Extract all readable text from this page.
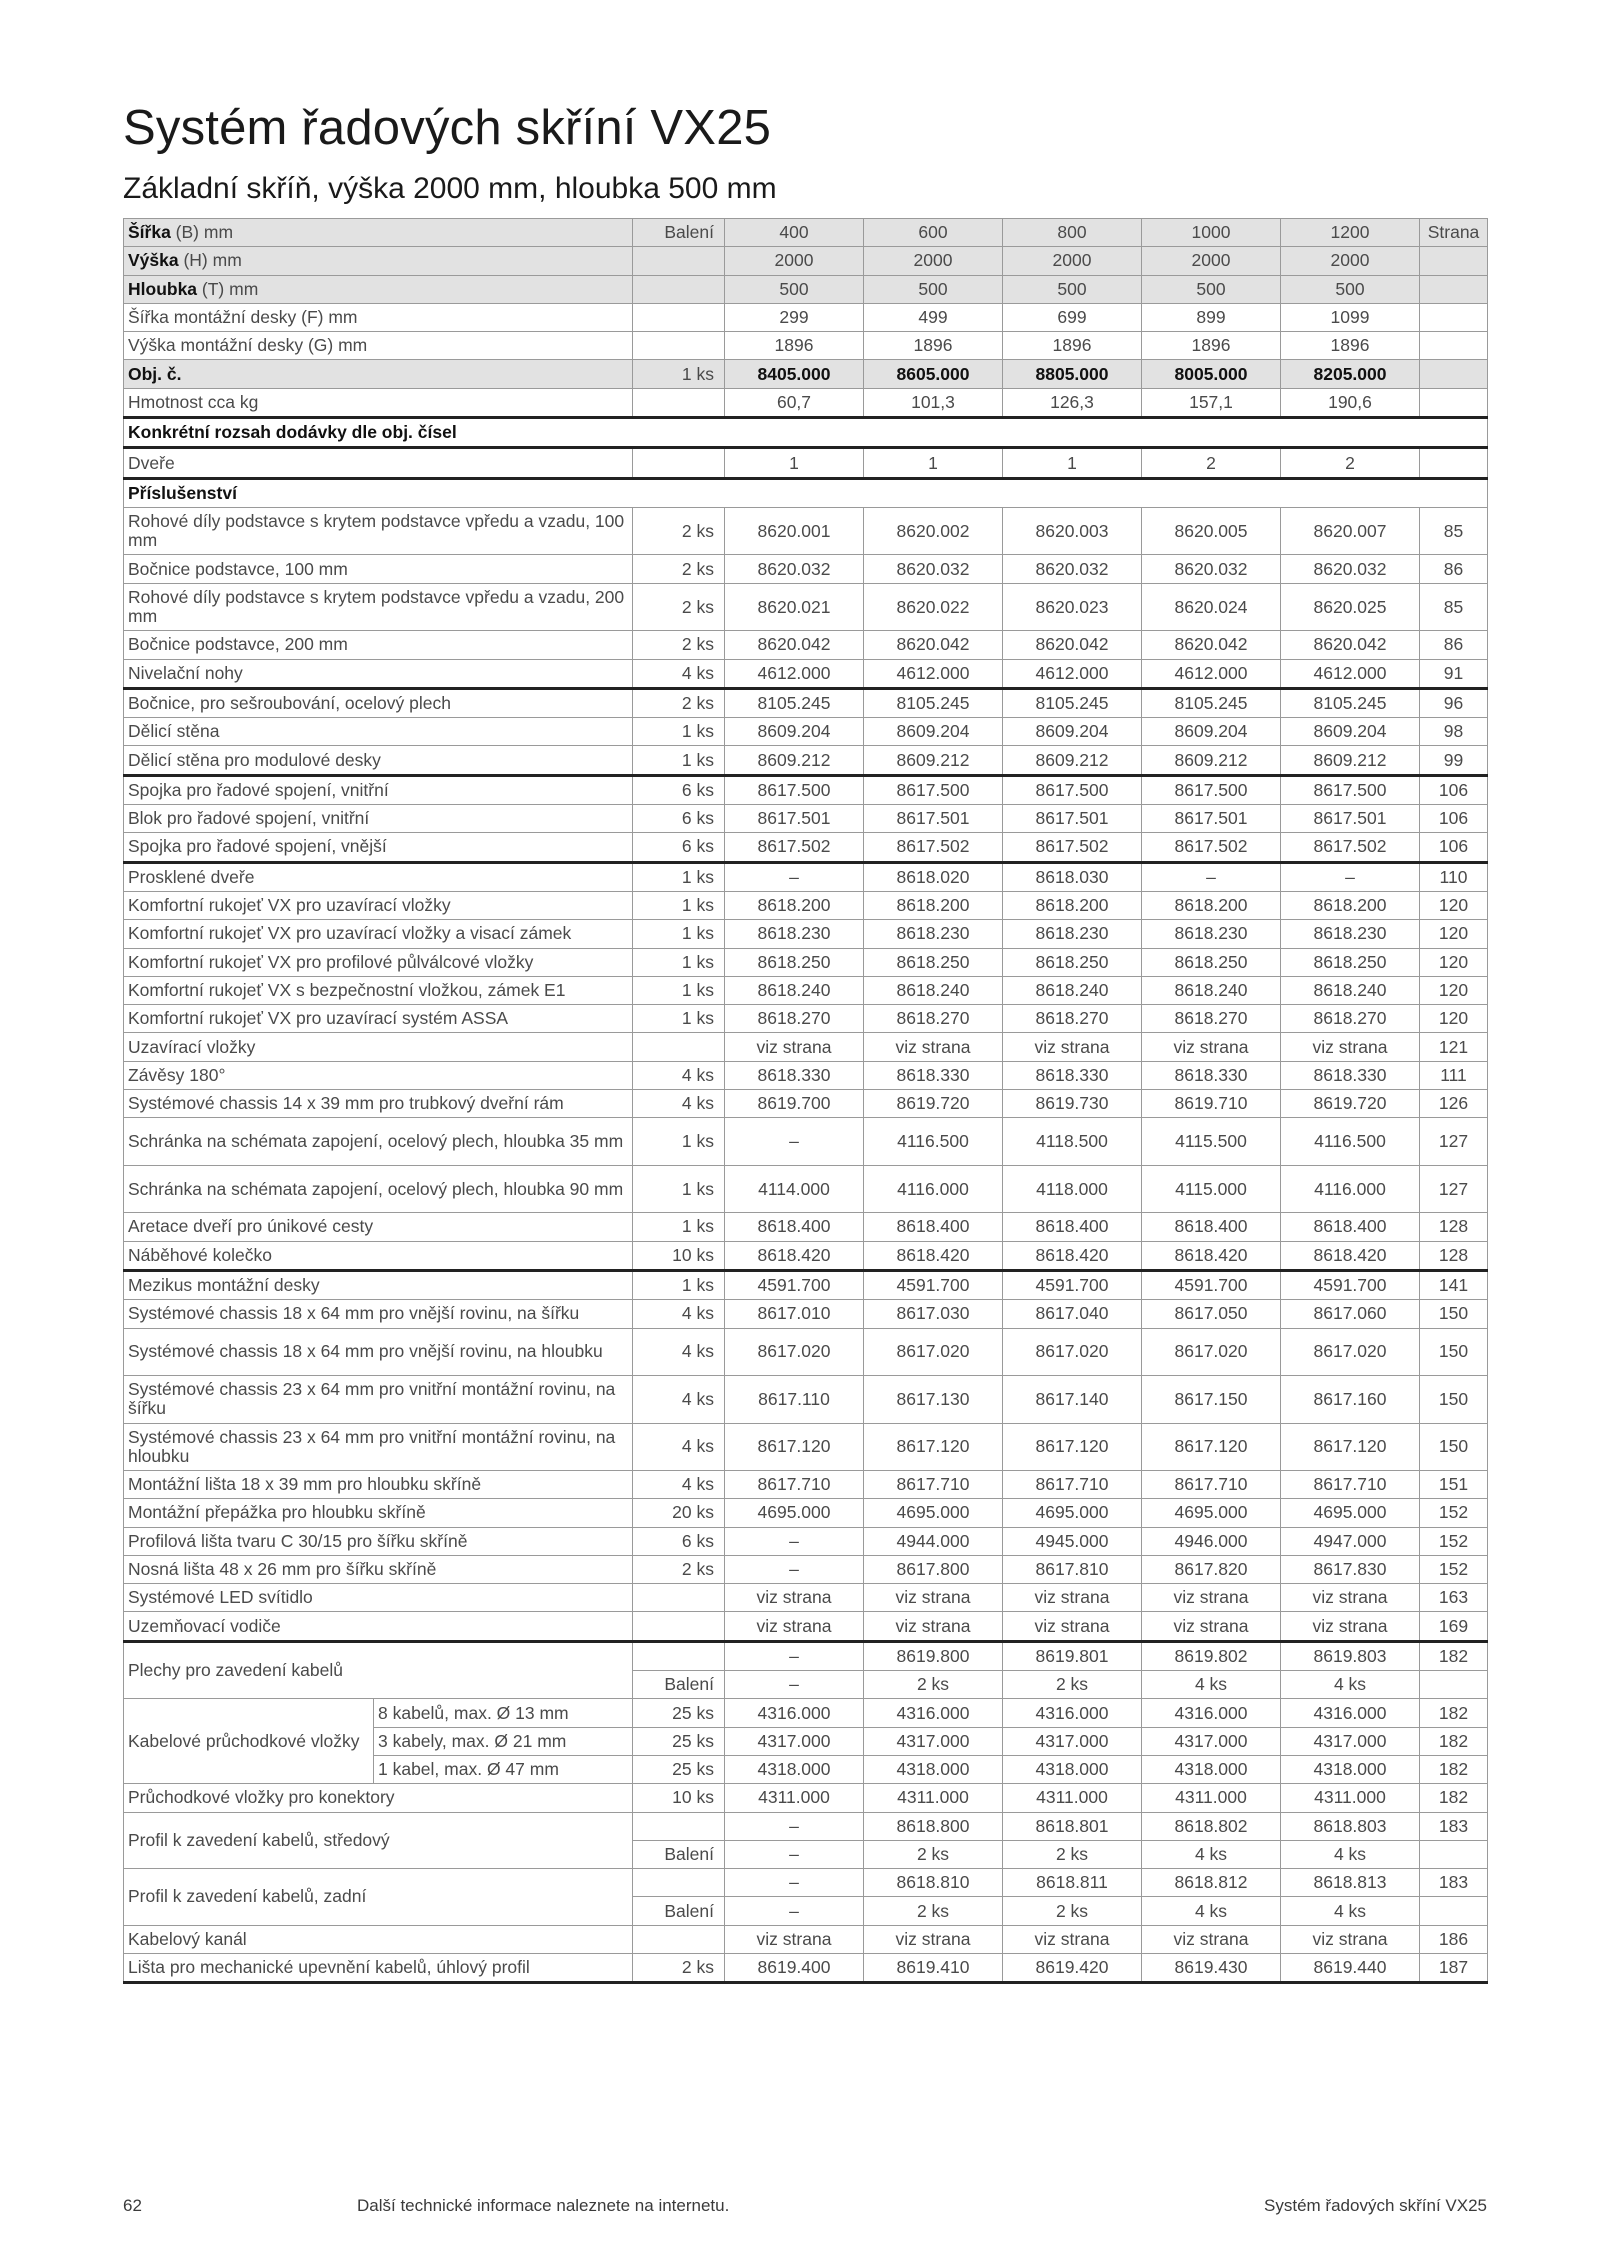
Systém řadových skříní VX25
Základní skříň, výška 2000 mm, hloubka 500 mm
Šířka (B) mm		Balení	400	600	800	1000	1200	Strana
Výška (H) mm			2000	2000	2000	2000	2000	
Hloubka (T) mm			500	500	500	500	500	
Šířka montážní desky (F) mm			299	499	699	899	1099	
Výška montážní desky (G) mm			1896	1896	1896	1896	1896	
Obj. č.		1 ks	8405.000	8605.000	8805.000	8005.000	8205.000	
Hmotnost cca kg			60,7	101,3	126,3	157,1	190,6	
Konkrétní rozsah dodávky dle obj. čísel								
Dveře			1	1	1	2	2	
Příslušenství								
Rohové díly podstavce s krytem podstavce vpředu a vzadu, 100 mm		2 ks	8620.001	8620.002	8620.003	8620.005	8620.007	85
Bočnice podstavce, 100 mm		2 ks	8620.032	8620.032	8620.032	8620.032	8620.032	86
Rohové díly podstavce s krytem podstavce vpředu a vzadu, 200 mm		2 ks	8620.021	8620.022	8620.023	8620.024	8620.025	85
Bočnice podstavce, 200 mm		2 ks	8620.042	8620.042	8620.042	8620.042	8620.042	86
Nivelační nohy		4 ks	4612.000	4612.000	4612.000	4612.000	4612.000	91
Bočnice, pro sešroubování, ocelový plech		2 ks	8105.245	8105.245	8105.245	8105.245	8105.245	96
Dělicí stěna		1 ks	8609.204	8609.204	8609.204	8609.204	8609.204	98
Dělicí stěna pro modulové desky		1 ks	8609.212	8609.212	8609.212	8609.212	8609.212	99
Spojka pro řadové spojení, vnitřní		6 ks	8617.500	8617.500	8617.500	8617.500	8617.500	106
Blok pro řadové spojení, vnitřní		6 ks	8617.501	8617.501	8617.501	8617.501	8617.501	106
Spojka pro řadové spojení, vnější		6 ks	8617.502	8617.502	8617.502	8617.502	8617.502	106
Prosklené dveře		1 ks	–	8618.020	8618.030	–	–	110
Komfortní rukojeť VX pro uzavírací vložky		1 ks	8618.200	8618.200	8618.200	8618.200	8618.200	120
Komfortní rukojeť VX pro uzavírací vložky a visací zámek		1 ks	8618.230	8618.230	8618.230	8618.230	8618.230	120
Komfortní rukojeť VX pro profilové půlválcové vložky		1 ks	8618.250	8618.250	8618.250	8618.250	8618.250	120
Komfortní rukojeť VX s bezpečnostní vložkou, zámek E1		1 ks	8618.240	8618.240	8618.240	8618.240	8618.240	120
Komfortní rukojeť VX pro uzavírací systém ASSA		1 ks	8618.270	8618.270	8618.270	8618.270	8618.270	120
Uzavírací vložky			viz strana	viz strana	viz strana	viz strana	viz strana	121
Závěsy 180°		4 ks	8618.330	8618.330	8618.330	8618.330	8618.330	111
Systémové chassis 14 x 39 mm pro trubkový dveřní rám		4 ks	8619.700	8619.720	8619.730	8619.710	8619.720	126
Schránka na schémata zapojení, ocelový plech, hloubka 35 mm		1 ks	–	4116.500	4118.500	4115.500	4116.500	127
Schránka na schémata zapojení, ocelový plech, hloubka 90 mm		1 ks	4114.000	4116.000	4118.000	4115.000	4116.000	127
Aretace dveří pro únikové cesty		1 ks	8618.400	8618.400	8618.400	8618.400	8618.400	128
Náběhové kolečko		10 ks	8618.420	8618.420	8618.420	8618.420	8618.420	128
Mezikus montážní desky		1 ks	4591.700	4591.700	4591.700	4591.700	4591.700	141
Systémové chassis 18 x 64 mm pro vnější rovinu, na šířku		4 ks	8617.010	8617.030	8617.040	8617.050	8617.060	150
Systémové chassis 18 x 64 mm pro vnější rovinu, na hloubku		4 ks	8617.020	8617.020	8617.020	8617.020	8617.020	150
Systémové chassis 23 x 64 mm pro vnitřní montážní rovinu, na šířku		4 ks	8617.110	8617.130	8617.140	8617.150	8617.160	150
Systémové chassis 23 x 64 mm pro vnitřní montážní rovinu, na hloubku		4 ks	8617.120	8617.120	8617.120	8617.120	8617.120	150
Montážní lišta 18 x 39 mm pro hloubku skříně		4 ks	8617.710	8617.710	8617.710	8617.710	8617.710	151
Montážní přepážka pro hloubku skříně		20 ks	4695.000	4695.000	4695.000	4695.000	4695.000	152
Profilová lišta tvaru C 30/15 pro šířku skříně		6 ks	–	4944.000	4945.000	4946.000	4947.000	152
Nosná lišta 48 x 26 mm pro šířku skříně		2 ks	–	8617.800	8617.810	8617.820	8617.830	152
Systémové LED svítidlo			viz strana	viz strana	viz strana	viz strana	viz strana	163
Uzemňovací vodiče			viz strana	viz strana	viz strana	viz strana	viz strana	169
Plechy pro zavedení kabelů			–	8619.800	8619.801	8619.802	8619.803	182
		Balení	–	2 ks	2 ks	4 ks	4 ks	
Kabelové průchodkové vložky	8 kabelů, max. Ø 13 mm	25 ks	4316.000	4316.000	4316.000	4316.000	4316.000	182
	3 kabely, max. Ø 21 mm	25 ks	4317.000	4317.000	4317.000	4317.000	4317.000	182
	1 kabel, max. Ø 47 mm	25 ks	4318.000	4318.000	4318.000	4318.000	4318.000	182
Průchodkové vložky pro konektory		10 ks	4311.000	4311.000	4311.000	4311.000	4311.000	182
Profil k zavedení kabelů, středový			–	8618.800	8618.801	8618.802	8618.803	183
		Balení	–	2 ks	2 ks	4 ks	4 ks	
Profil k zavedení kabelů, zadní			–	8618.810	8618.811	8618.812	8618.813	183
		Balení	–	2 ks	2 ks	4 ks	4 ks	
Kabelový kanál			viz strana	viz strana	viz strana	viz strana	viz strana	186
Lišta pro mechanické upevnění kabelů, úhlový profil		2 ks	8619.400	8619.410	8619.420	8619.430	8619.440	187
62	Další technické informace naleznete na internetu.	Systém řadových skříní VX25
